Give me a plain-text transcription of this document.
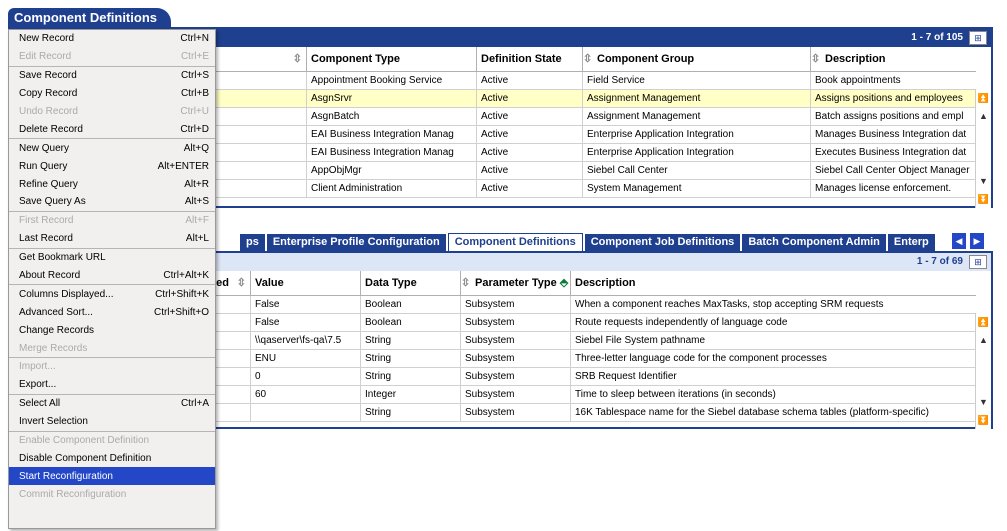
Component Definitions
1 - 7 of 105	⊞
⇳	Component Type	Definition State	⇳ Component Group	⇳ Description
	Appointment Booking Service	Active	Field Service	Book appointments
	AsgnSrvr	Active	Assignment Management	Assigns positions and employees
	AsgnBatch	Active	Assignment Management	Batch assigns positions and empl
	EAI Business Integration Manag	Active	Enterprise Application Integration	Manages Business Integration dat
	EAI Business Integration Manag	Active	Enterprise Application Integration	Executes Business Integration dat
	AppObjMgr	Active	Siebel Call Center	Siebel Call Center Object Manager
	Client Administration	Active	System Management	Manages license enforcement.
⏫
▲
▼
⏬
ps Enterprise Profile Configuration Component Definitions Component Job Definitions Batch Component Admin Enterp	◀	▶
1 - 7 of 69	⊞
ed ⇳	Value	Data Type	⇳ Parameter Type ⬘	Description
	False	Boolean	Subsystem	When a component reaches MaxTasks, stop accepting SRM requests
	False	Boolean	Subsystem	Route requests independently of language code
	\\qaserver\fs-qa\7.5	String	Subsystem	Siebel File System pathname
	ENU	String	Subsystem	Three-letter language code for the component processes
	0	String	Subsystem	SRB Request Identifier
	60	Integer	Subsystem	Time to sleep between iterations (in seconds)
		String	Subsystem	16K Tablespace name for the Siebel database schema tables (platform-specific)
⏫
▲
▼
⏬
New Record	Ctrl+N
Edit Record	Ctrl+E
Save Record	Ctrl+S
Copy Record	Ctrl+B
Undo Record	Ctrl+U
Delete Record	Ctrl+D
New Query	Alt+Q
Run Query	Alt+ENTER
Refine Query	Alt+R
Save Query As	Alt+S
First Record	Alt+F
Last Record	Alt+L
Get Bookmark URL
About Record	Ctrl+Alt+K
Columns Displayed...	Ctrl+Shift+K
Advanced Sort...	Ctrl+Shift+O
Change Records
Merge Records
Import...
Export...
Select All	Ctrl+A
Invert Selection
Enable Component Definition
Disable Component Definition
Start Reconfiguration
Commit Reconfiguration
